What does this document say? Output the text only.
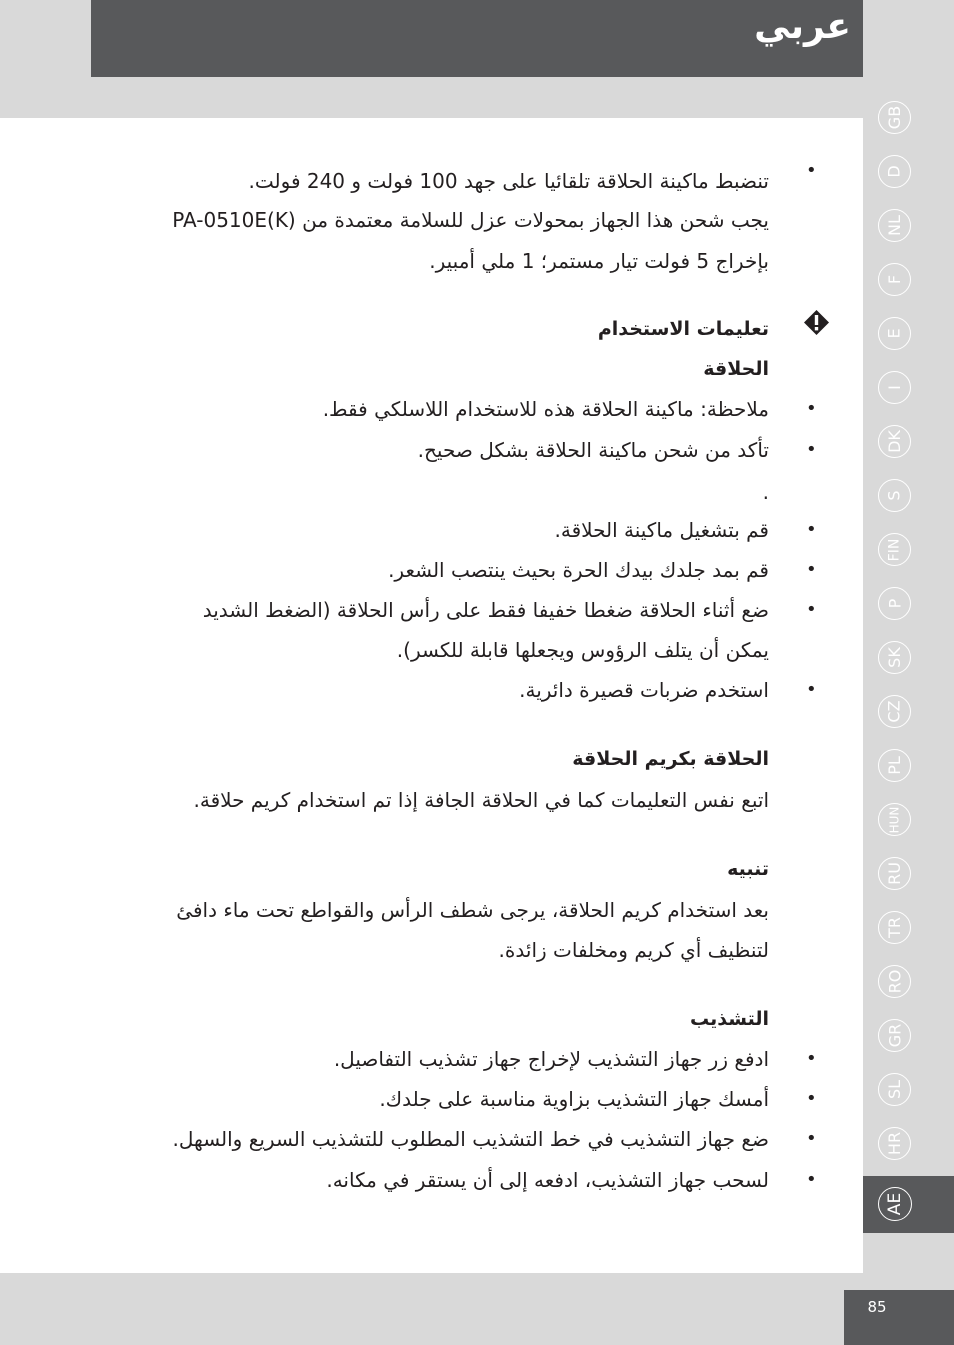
عربي
GB
D
NL
F
E
I
DK
S
FIN
P
SK
CZ
PL
HUN
RU
TR
RO
GR
SL
HR
AE
85
•
تنضبط ماكينة الحلاقة تلقائيا على جهد 100 فولت و 240 فولت.
يجب شحن هذا الجهاز بمحولات عزل للسلامة معتمدة من PA-0510E(K)
بإخراج 5 فولت تيار مستمر؛ 1 ملي أمبير.
تعليمات الاستخدام
الحلاقة
•
ملاحظة: ماكينة الحلاقة هذه للاستخدام اللاسلكي فقط.
•
تأكد من شحن ماكينة الحلاقة بشكل صحيح.
.
•
قم بتشغيل ماكينة الحلاقة.
•
قم بمد جلدك بيدك الحرة بحيث ينتصب الشعر.
•
ضع أثناء الحلاقة ضغطا خفيفا فقط على رأس الحلاقة (الضغط الشديد
يمكن أن يتلف الرؤوس ويجعلها قابلة للكسر).
•
استخدم ضربات قصيرة دائرية.
الحلاقة بكريم الحلاقة
اتبع نفس التعليمات كما في الحلاقة الجافة إذا تم استخدام كريم حلاقة.
تنبيه
بعد استخدام كريم الحلاقة، يرجى شطف الرأس والقواطع تحت ماء دافئ
لتنظيف أي كريم ومخلفات زائدة.
التشذيب
•
ادفع زر جهاز التشذيب لإخراج جهاز تشذيب التفاصيل.
•
أمسك جهاز التشذيب بزاوية مناسبة على جلدك.
•
ضع جهاز التشذيب في خط التشذيب المطلوب للتشذيب السريع والسهل.
•
لسحب جهاز التشذيب، ادفعه إلى أن يستقر في مكانه.
